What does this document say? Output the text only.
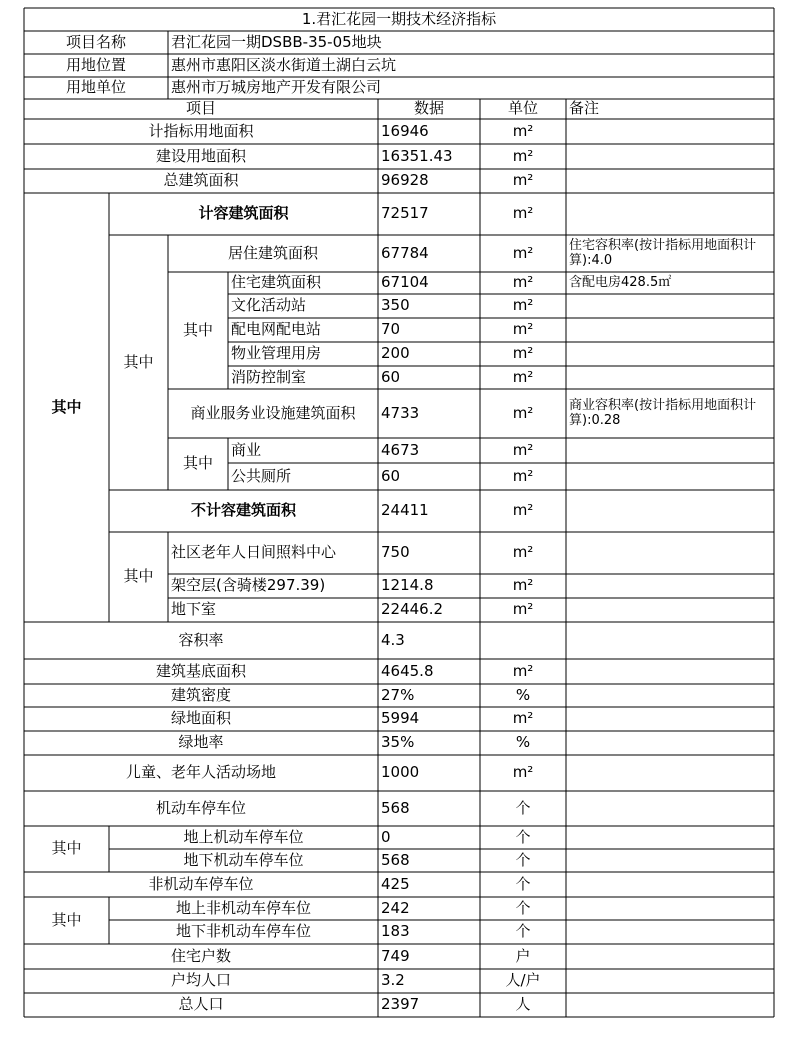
1.君汇花园一期技术经济指标
项目名称	君汇花园一期DSBB-35-05地块
用地位置	惠州市惠阳区淡水街道土湖白云坑
用地单位	惠州市万城房地产开发有限公司
项目	数据	单位	备注
计指标用地面积	16946	m²
建设用地面积	16351.43	m²
总建筑面积	96928	m²
其中
计容建筑面积	72517	m²
其中
居住建筑面积	67784	m²	住宅容积率(按计指标用地面积计算):4.0
其中
住宅建筑面积	67104	m²	含配电房428.5㎡
文化活动站	350	m²
配电网配电站	70	m²
物业管理用房	200	m²
消防控制室	60	m²
商业服务业设施建筑面积	4733	m²	商业容积率(按计指标用地面积计算):0.28
其中
商业	4673	m²
公共厕所	60	m²
不计容建筑面积	24411	m²
其中
社区老年人日间照料中心	750	m²
架空层(含骑楼297.39)	1214.8	m²
地下室	22446.2	m²
容积率	4.3
建筑基底面积	4645.8	m²
建筑密度	27%	%
绿地面积	5994	m²
绿地率	35%	%
儿童、老年人活动场地	1000	m²
机动车停车位	568	个
其中
地上机动车停车位	0	个
地下机动车停车位	568	个
非机动车停车位	425	个
其中
地上非机动车停车位	242	个
地下非机动车停车位	183	个
住宅户数	749	户
户均人口	3.2	人/户
总人口	2397	人
